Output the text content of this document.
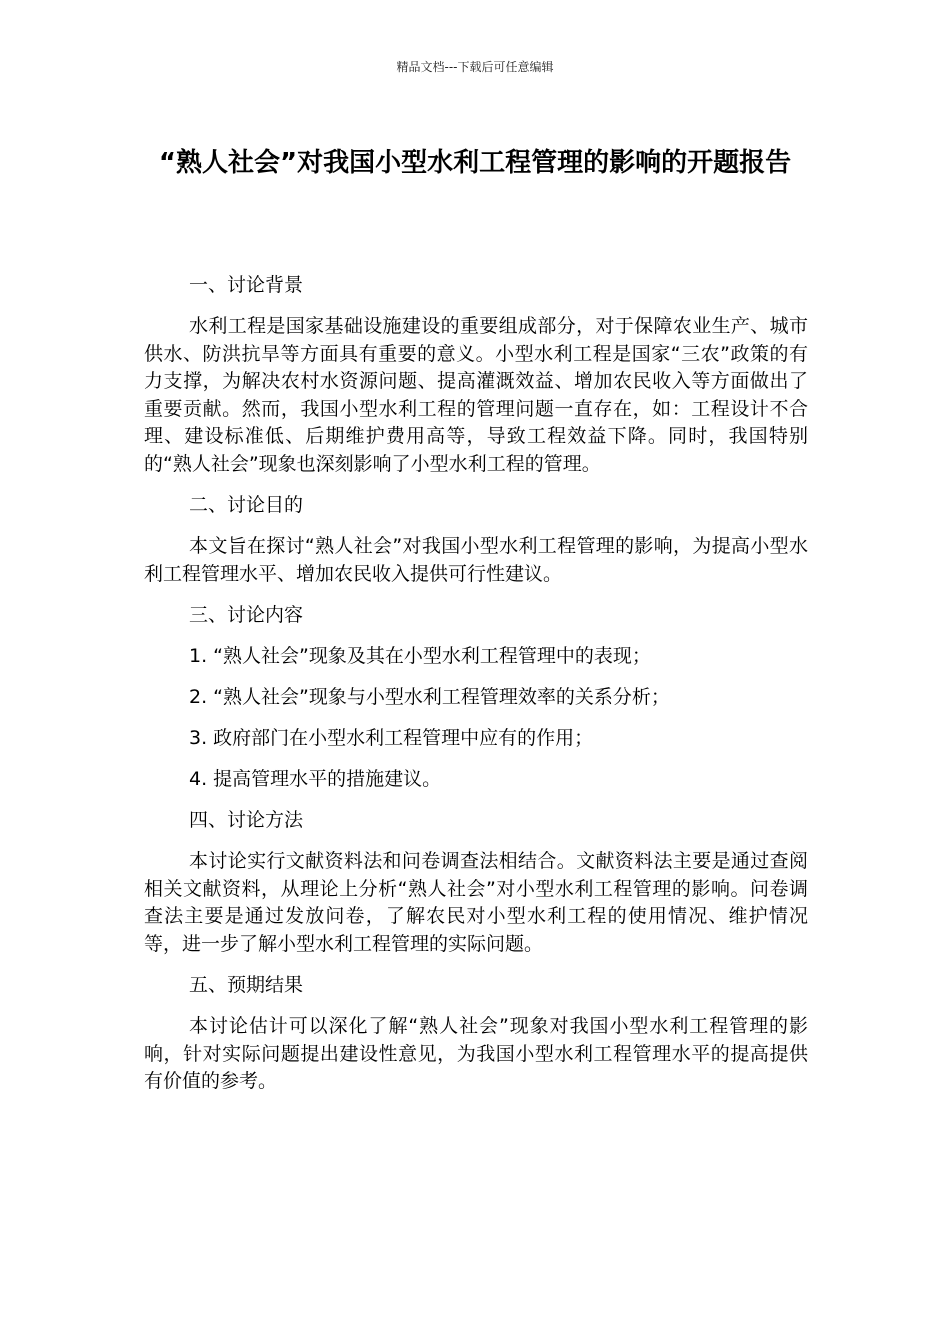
精品文档---下载后可任意编辑
“熟人社会”对我国小型水利工程管理的影响的开题报告

一、讨论背景

水利工程是国家基础设施建设的重要组成部分，对于保障农业生产、城市供水、防洪抗旱等方面具有重要的意义。小型水利工程是国家“三农”政策的有力支撑，为解决农村水资源问题、提高灌溉效益、增加农民收入等方面做出了重要贡献。然而，我国小型水利工程的管理问题一直存在，如：工程设计不合理、建设标准低、后期维护费用高等，导致工程效益下降。同时，我国特别的“熟人社会”现象也深刻影响了小型水利工程的管理。

二、讨论目的

本文旨在探讨“熟人社会”对我国小型水利工程管理的影响，为提高小型水利工程管理水平、增加农民收入提供可行性建议。

三、讨论内容

1. “熟人社会”现象及其在小型水利工程管理中的表现；

2. “熟人社会”现象与小型水利工程管理效率的关系分析；

3. 政府部门在小型水利工程管理中应有的作用；

4. 提高管理水平的措施建议。

四、讨论方法

本讨论实行文献资料法和问卷调查法相结合。文献资料法主要是通过查阅相关文献资料，从理论上分析“熟人社会”对小型水利工程管理的影响。问卷调查法主要是通过发放问卷，了解农民对小型水利工程的使用情况、维护情况等，进一步了解小型水利工程管理的实际问题。

五、预期结果

本讨论估计可以深化了解“熟人社会”现象对我国小型水利工程管理的影响，针对实际问题提出建设性意见，为我国小型水利工程管理水平的提高提供有价值的参考。
